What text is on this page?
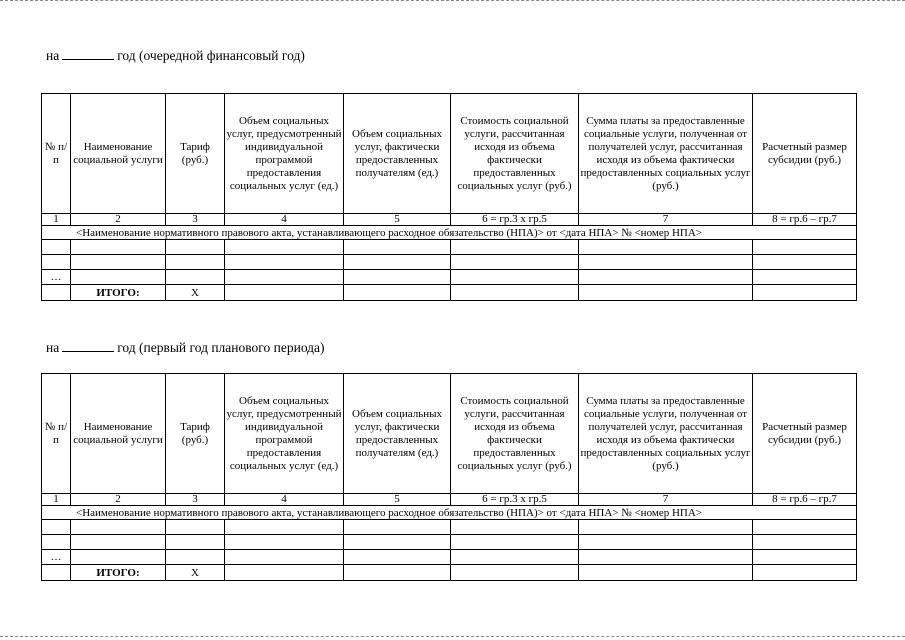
на	год (очередной финансовый год)
№ п/п	Наименование социальной услуги	Тариф (руб.)	Объем социальных услуг, предусмотренный индивидуальной программой предоставления социальных услуг (ед.)	Объем социальных услуг, фактически предоставленных получателям (ед.)	Стоимость социальной услуги, рассчитанная исходя из объема фактически предоставленных социальных услуг (руб.)	Сумма платы за предоставленные социальные услуги, полученная от получателей услуг, рассчитанная исходя из объема фактически предоставленных социальных услуг (руб.)	Расчетный размер субсидии (руб.)
1	2	3	4	5	6 = гр.3 х гр.5	7	8 = гр.6 – гр.7
<Наименование нормативного правового акта, устанавливающего расходное обязательство (НПА)> от <дата НПА> № <номер НПА>							

…							
	ИТОГО:	Х					
на	год (первый год планового периода)
№ п/п	Наименование социальной услуги	Тариф (руб.)	Объем социальных услуг, предусмотренный индивидуальной программой предоставления социальных услуг (ед.)	Объем социальных услуг, фактически предоставленных получателям (ед.)	Стоимость социальной услуги, рассчитанная исходя из объема фактически предоставленных социальных услуг (руб.)	Сумма платы за предоставленные социальные услуги, полученная от получателей услуг, рассчитанная исходя из объема фактически предоставленных социальных услуг (руб.)	Расчетный размер субсидии (руб.)
1	2	3	4	5	6 = гр.3 х гр.5	7	8 = гр.6 – гр.7
<Наименование нормативного правового акта, устанавливающего расходное обязательство (НПА)> от <дата НПА> № <номер НПА>							

…							
	ИТОГО:	Х					
